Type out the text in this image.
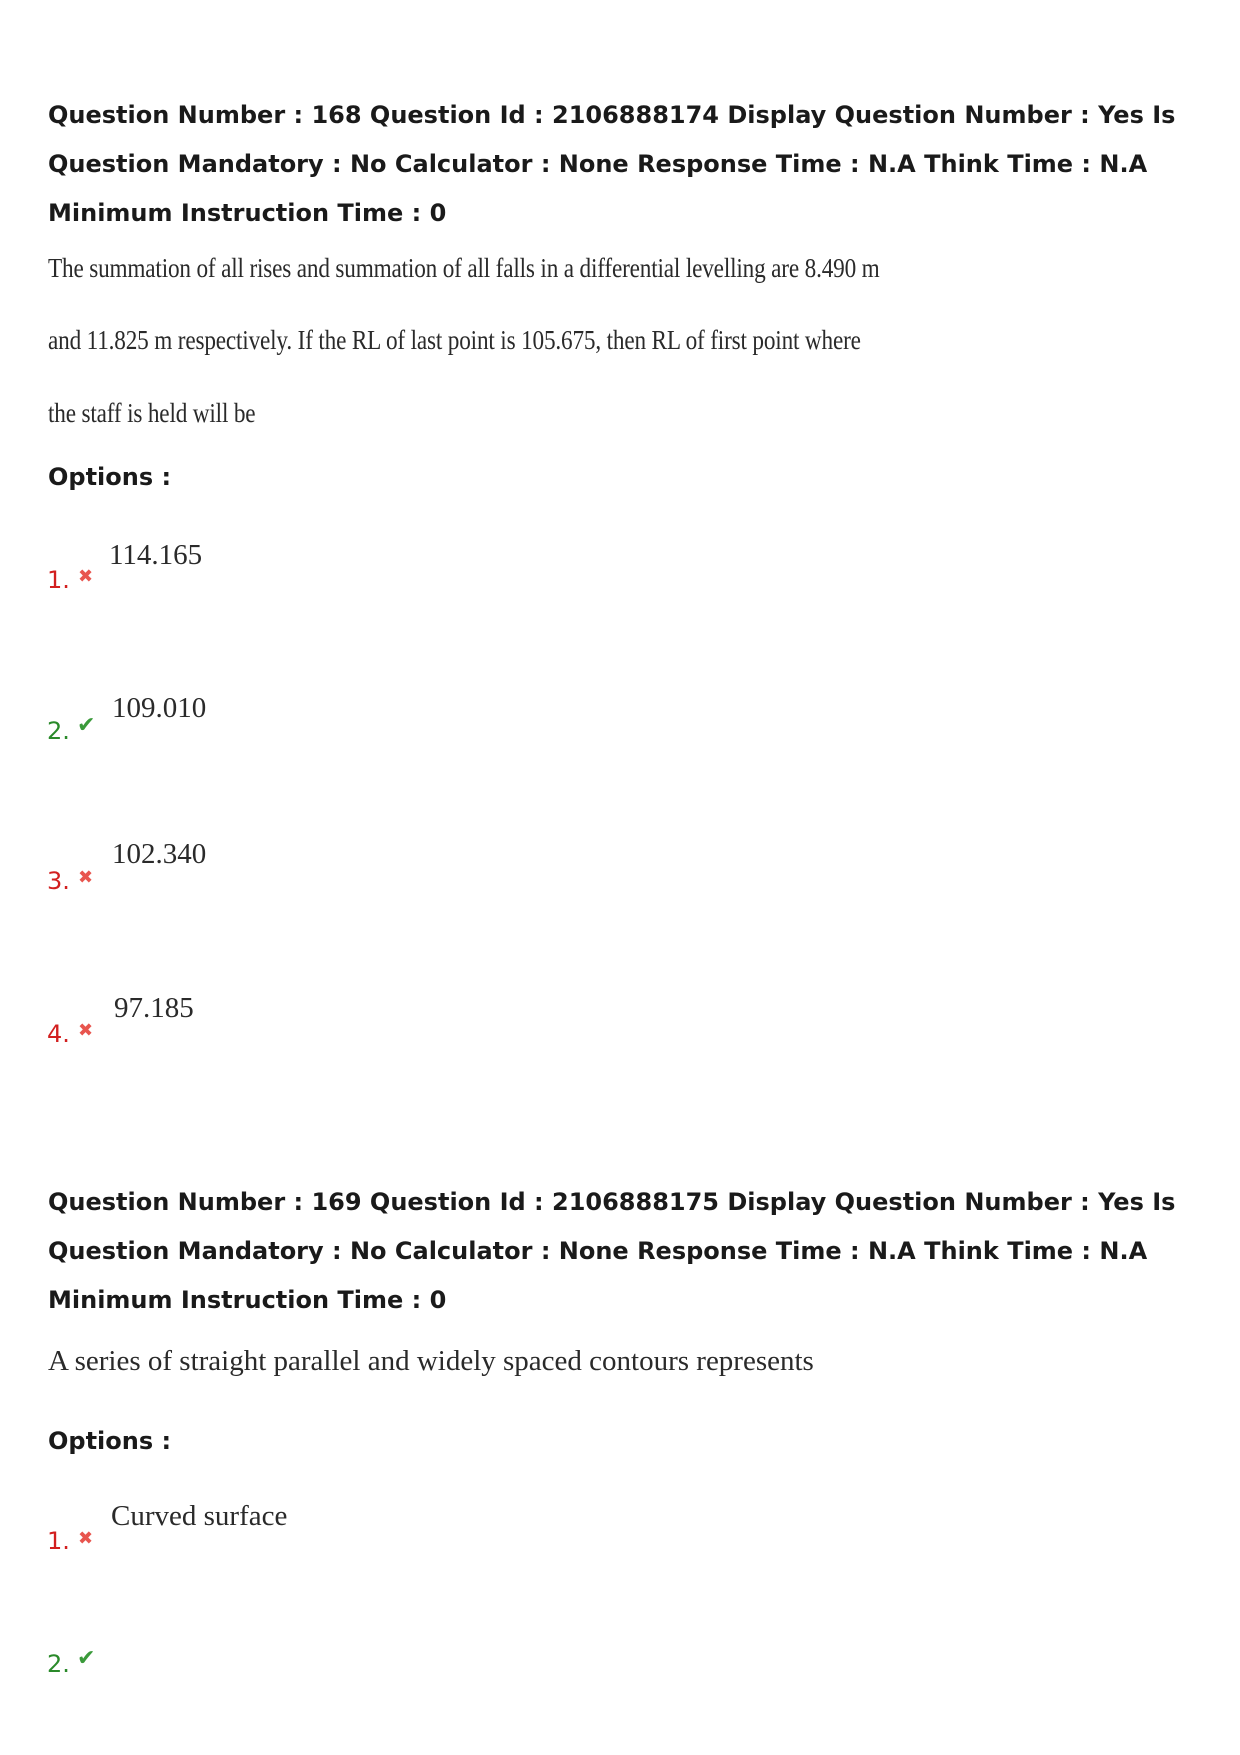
Question Number : 168 Question Id : 2106888174 Display Question Number : Yes Is Question Mandatory : No Calculator : None Response Time : N.A Think Time : N.A Minimum Instruction Time : 0

The summation of all rises and summation of all falls in a differential levelling are 8.490 m

and 11.825 m respectively. If the RL of last point is 105.675, then RL of first point where

the staff is held will be

Options :

1. ✖
114.165
2. ✔
109.010
3. ✖
102.340
4. ✖
97.185

Question Number : 169 Question Id : 2106888175 Display Question Number : Yes Is Question Mandatory : No Calculator : None Response Time : N.A Think Time : N.A Minimum Instruction Time : 0

A series of straight parallel and widely spaced contours represents

Options :

1. ✖
Curved surface
2. ✔
